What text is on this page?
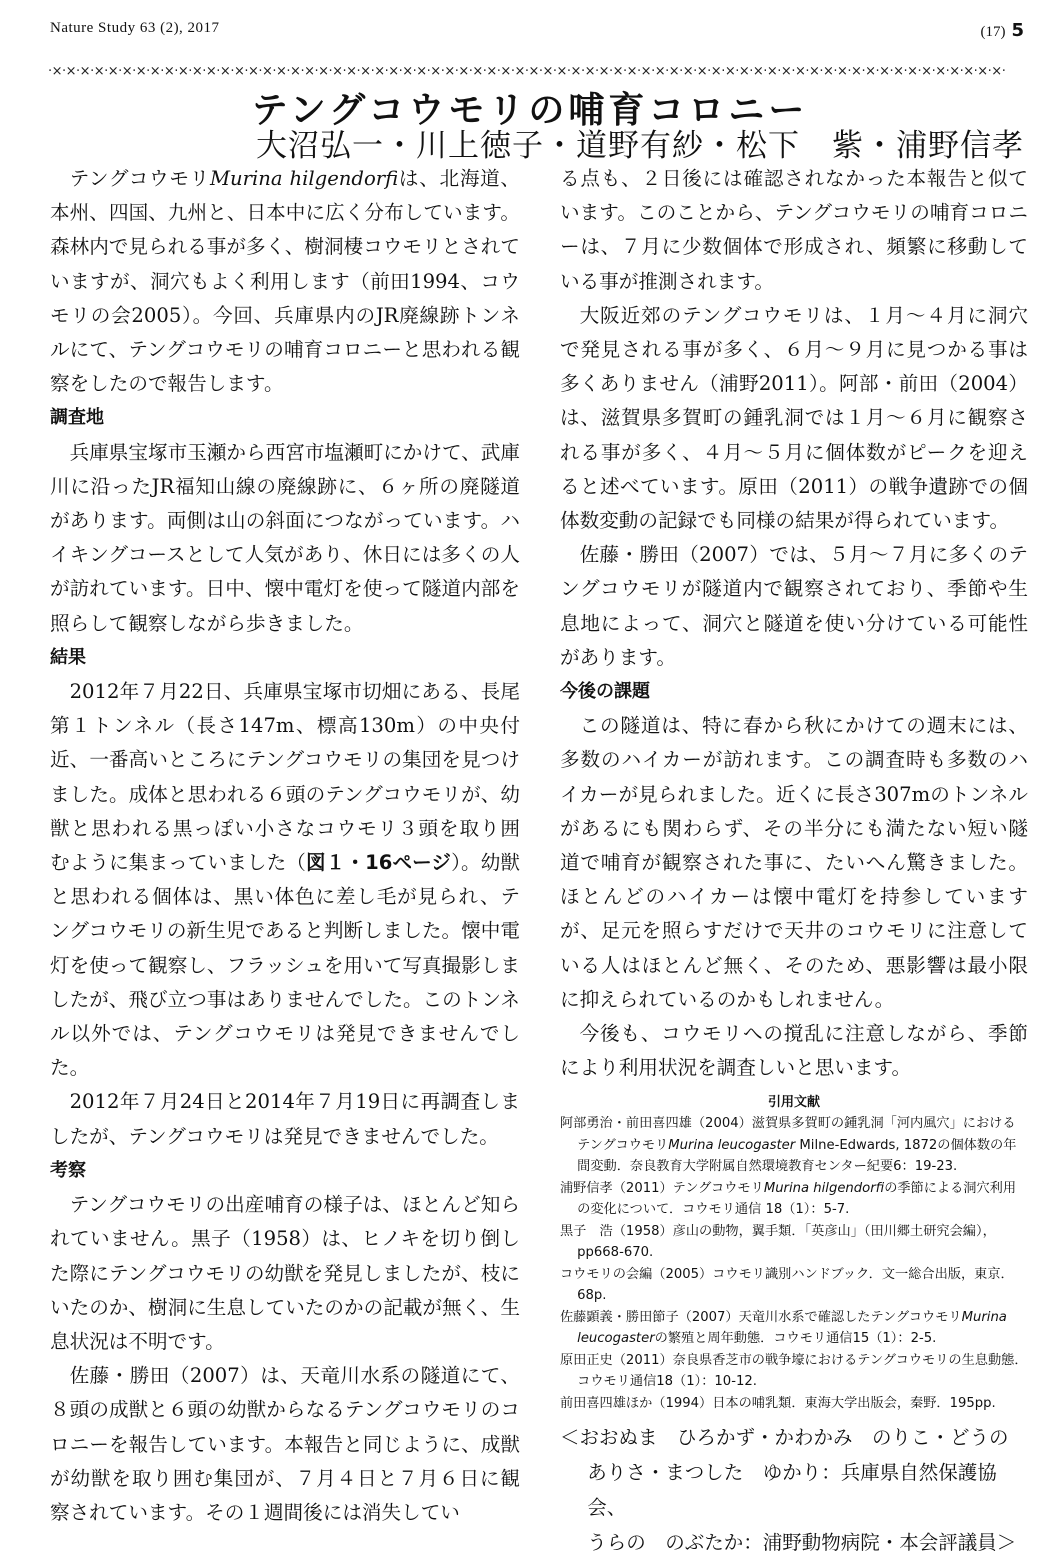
Nature Study 63 (2), 2017	(17) 5
·×·×·×·×·×·×·×·×·×·×·×·×·×·×·×·×·×·×·×·×·×·×·×·×·×·×·×·×·×·×·×·×·×·×·×·×·×·×·×·×·×·×·×·×·×·×·×·×·×·×·×·×·×·×·×·×·×·×·×·×·×·×·×·×·×·×·×·×·
テングコウモリの哺育コロニー
大沼弘一・川上徳子・道野有紗・松下　紫・浦野信孝

テングコウモリMurina hilgendorfiは、北海道、本州、四国、九州と、日本中に広く分布しています。森林内で見られる事が多く、樹洞棲コウモリとされていますが、洞穴もよく利用します（前田1994、コウモリの会2005）。今回、兵庫県内のJR廃線跡トンネルにて、テングコウモリの哺育コロニーと思われる観察をしたので報告します。

調査地

兵庫県宝塚市玉瀬から西宮市塩瀬町にかけて、武庫川に沿ったJR福知山線の廃線跡に、６ヶ所の廃隧道があります。両側は山の斜面につながっています。ハイキングコースとして人気があり、休日には多くの人が訪れています。日中、懐中電灯を使って隧道内部を照らして観察しながら歩きました。

結果

2012年７月22日、兵庫県宝塚市切畑にある、長尾第１トンネル（長さ147m、標高130m）の中央付近、一番高いところにテングコウモリの集団を見つけました。成体と思われる６頭のテングコウモリが、幼獣と思われる黒っぽい小さなコウモリ３頭を取り囲むように集まっていました（図１・16ページ）。幼獣と思われる個体は、黒い体色に差し毛が見られ、テングコウモリの新生児であると判断しました。懐中電灯を使って観察し、フラッシュを用いて写真撮影しましたが、飛び立つ事はありませんでした。このトンネル以外では、テングコウモリは発見できませんでした。

2012年７月24日と2014年７月19日に再調査しましたが、テングコウモリは発見できませんでした。

考察

テングコウモリの出産哺育の様子は、ほとんど知られていません。黒子（1958）は、ヒノキを切り倒した際にテングコウモリの幼獣を発見しましたが、枝にいたのか、樹洞に生息していたのかの記載が無く、生息状況は不明です。

佐藤・勝田（2007）は、天竜川水系の隧道にて、８頭の成獣と６頭の幼獣からなるテングコウモリのコロニーを報告しています。本報告と同じように、成獣が幼獣を取り囲む集団が、７月４日と７月６日に観察されています。その１週間後には消失してい

る点も、２日後には確認されなかった本報告と似ています。このことから、テングコウモリの哺育コロニーは、７月に少数個体で形成され、頻繁に移動している事が推測されます。

大阪近郊のテングコウモリは、１月～４月に洞穴で発見される事が多く、６月～９月に見つかる事は多くありません（浦野2011）。阿部・前田（2004）は、滋賀県多賀町の鍾乳洞では１月～６月に観察される事が多く、４月～５月に個体数がピークを迎えると述べています。原田（2011）の戦争遺跡での個体数変動の記録でも同様の結果が得られています。

佐藤・勝田（2007）では、５月～７月に多くのテングコウモリが隧道内で観察されており、季節や生息地によって、洞穴と隧道を使い分けている可能性があります。

今後の課題

この隧道は、特に春から秋にかけての週末には、多数のハイカーが訪れます。この調査時も多数のハイカーが見られました。近くに長さ307mのトンネルがあるにも関わらず、その半分にも満たない短い隧道で哺育が観察された事に、たいへん驚きました。ほとんどのハイカーは懐中電灯を持参していますが、足元を照らすだけで天井のコウモリに注意している人はほとんど無く、そのため、悪影響は最小限に抑えられているのかもしれません。

今後も、コウモリへの撹乱に注意しながら、季節により利用状況を調査しいと思います。

引用文献
阿部勇治・前田喜四雄（2004）滋賀県多賀町の鍾乳洞「河内風穴」におけるテングコウモリMurina leucogaster Milne-Edwards, 1872の個体数の年間変動．奈良教育大学附属自然環境教育センター紀要6：19-23.
浦野信孝（2011）テングコウモリMurina hilgendorfiの季節による洞穴利用の変化について．コウモリ通信 18（1）：5-7.
黒子　浩（1958）彦山の動物，翼手類．「英彦山」（田川郷土研究会編），pp668-670.
コウモリの会編（2005）コウモリ識別ハンドブック．文一総合出版，東京．68p.
佐藤顕義・勝田節子（2007）天竜川水系で確認したテングコウモリMurina leucogasterの繁殖と周年動態．コウモリ通信15（1）：2-5.
原田正史（2011）奈良県香芝市の戦争壕におけるテングコウモリの生息動態．コウモリ通信18（1）：10-12.
前田喜四雄ほか（1994）日本の哺乳類．東海大学出版会，秦野．195pp.
＜おおぬま　ひろかず・かわかみ　のりこ・どうの
ありさ・まつした　ゆかり：兵庫県自然保護協会、
うらの　のぶたか：浦野動物病院・本会評議員＞
